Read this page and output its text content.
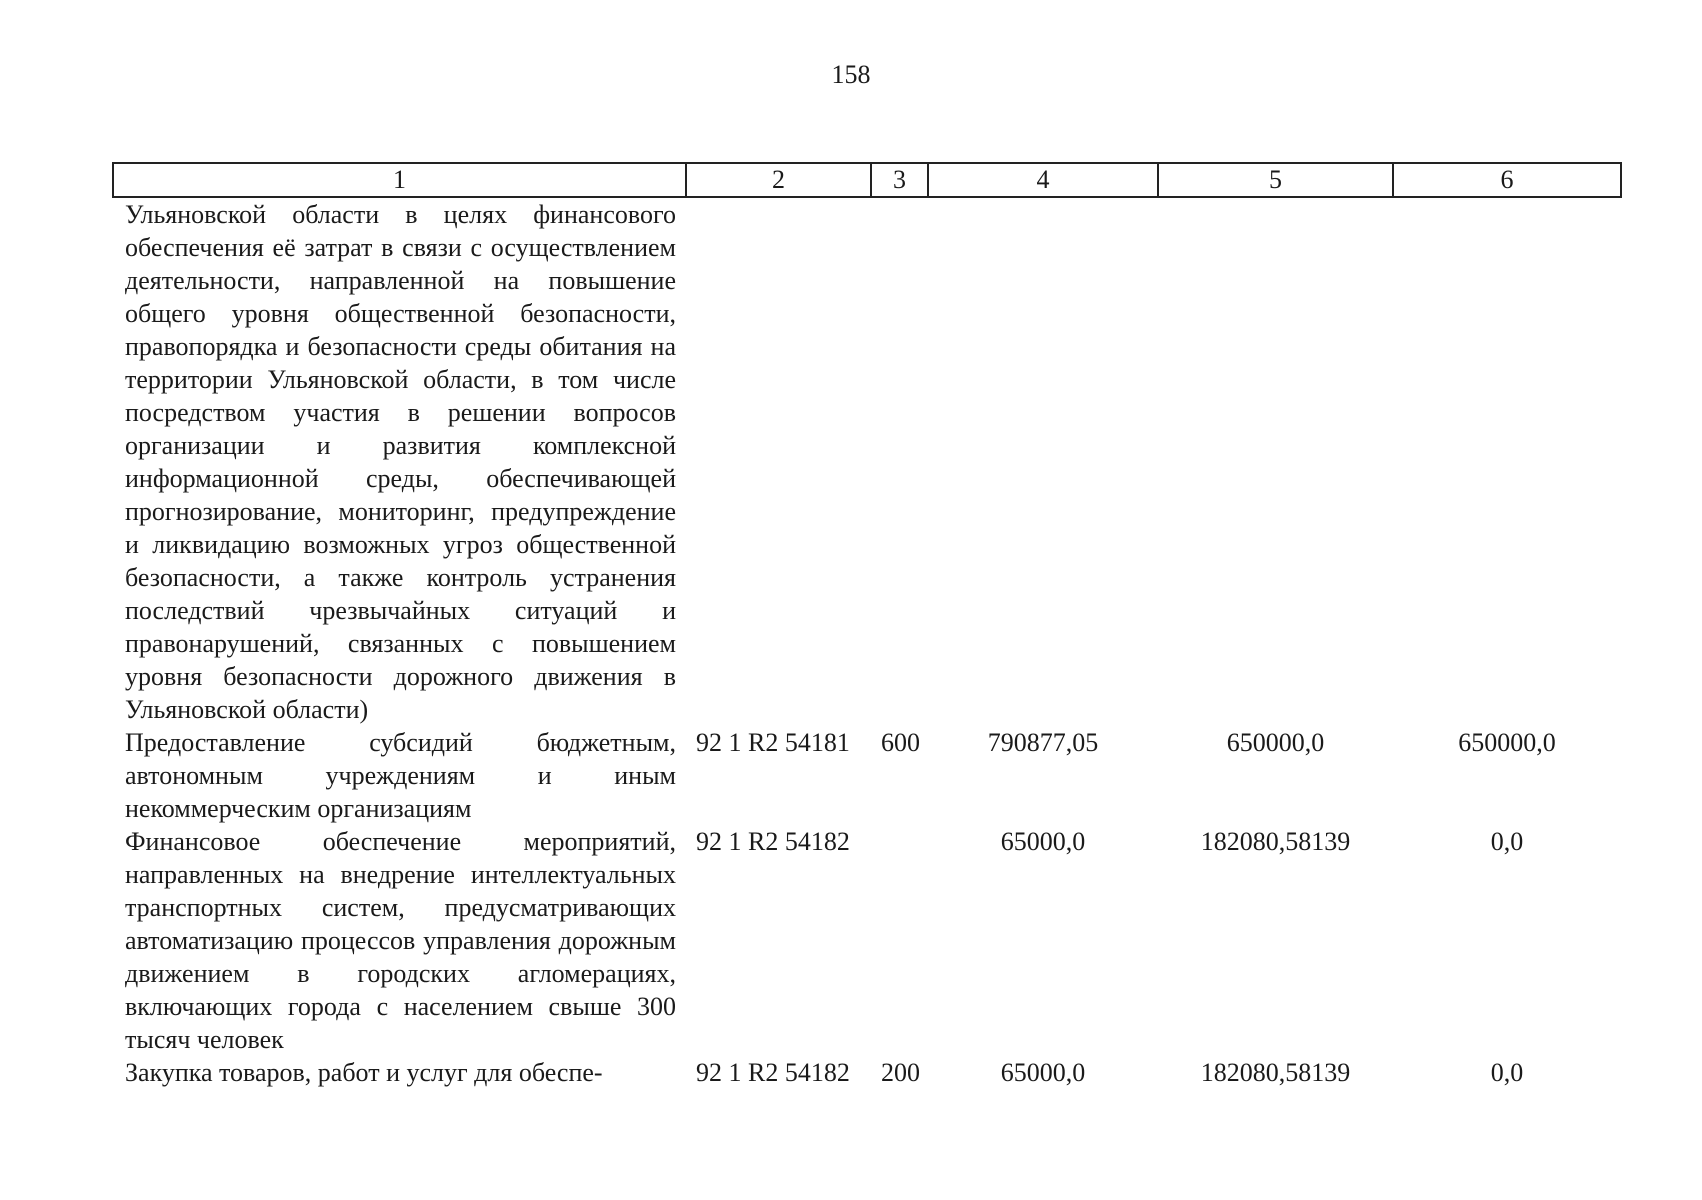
158
1	2	3	4	5	6
Ульяновской области в целях финансового обеспечения её затрат в связи с осуществлением деятельности, направленной на повышение общего уровня общественной безопасности, правопорядка и безопасности среды обитания на территории Ульяновской области, в том числе посредством участия в решении вопросов организации и развития комплексной информационной среды, обеспечивающей прогнозирование, мониторинг, предупреждение и ликвидацию возможных угроз общественной безопасности, а также контроль устранения последствий чрезвычайных ситуаций и правонарушений, связанных с повышением уровня безопасности дорожного движения в Ульяновской области)					
Предоставление субсидий бюджетным, автономным учреждениям и иным некоммерческим организациям	92 1 R2 54181	600	790877,05	650000,0	650000,0
Финансовое обеспечение мероприятий, направленных на внедрение интеллектуальных транспортных систем, предусматривающих автоматизацию процессов управления дорожным движением в городских агломерациях, включающих города с населением свыше 300 тысяч человек	92 1 R2 54182		65000,0	182080,58139	0,0
Закупка товаров, работ и услуг для обеспе-	92 1 R2 54182	200	65000,0	182080,58139	0,0
